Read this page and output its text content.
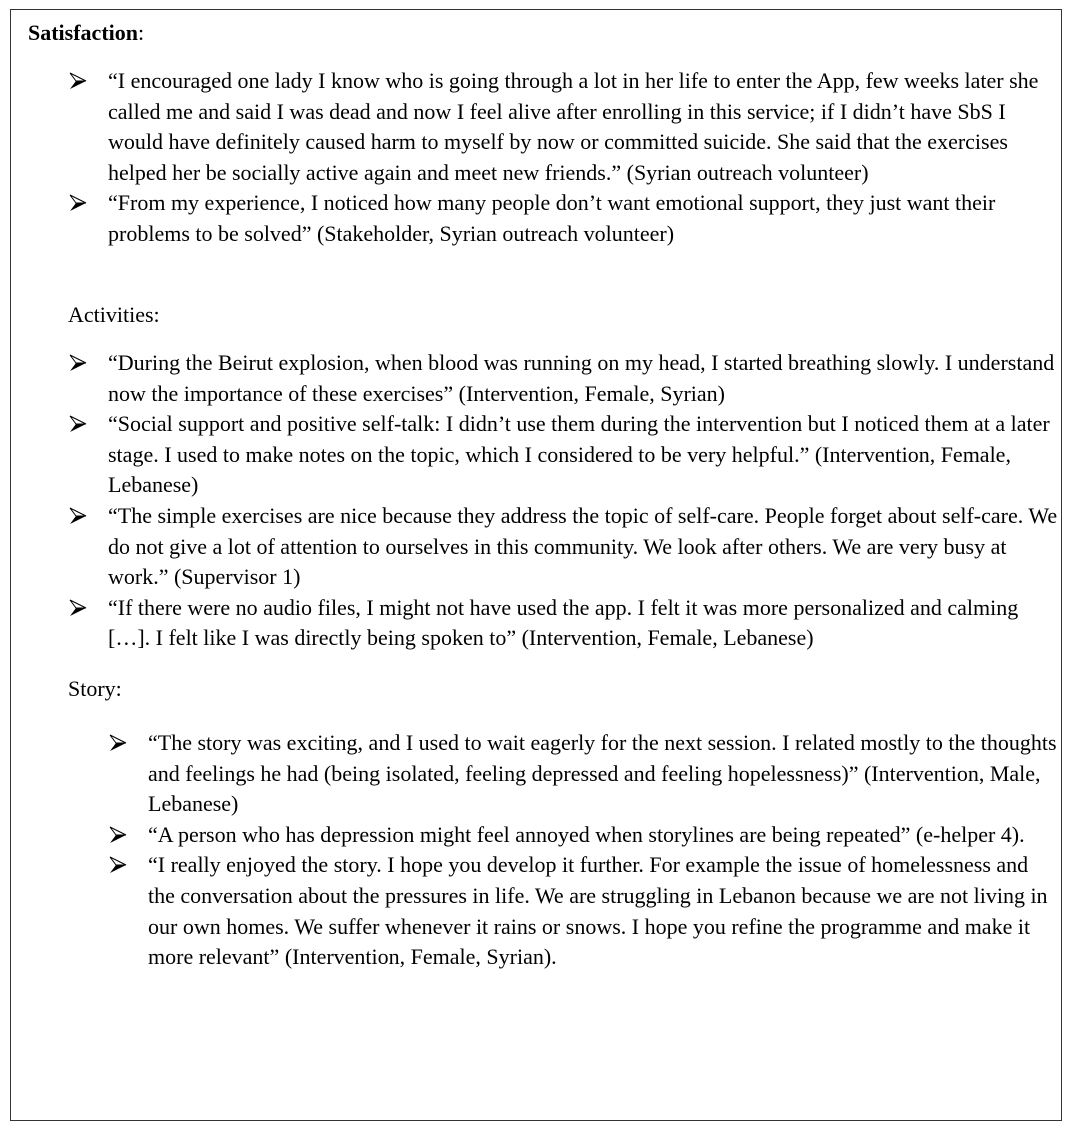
Satisfaction:
“I encouraged one lady I know who is going through a lot in her life to enter the App, few weeks later she called me and said I was dead and now I feel alive after enrolling in this service; if I didn’t have SbS I would have definitely caused harm to myself by now or committed suicide. She said that the exercises helped her be socially active again and meet new friends.” (Syrian outreach volunteer)
“From my experience, I noticed how many people don’t want emotional support, they just want their problems to be solved” (Stakeholder, Syrian outreach volunteer)
Activities:
“During the Beirut explosion, when blood was running on my head, I started breathing slowly. I understand now the importance of these exercises” (Intervention, Female, Syrian)
“Social support and positive self-talk: I didn’t use them during the intervention but I noticed them at a later stage. I used to make notes on the topic, which I considered to be very helpful.” (Intervention, Female, Lebanese)
“The simple exercises are nice because they address the topic of self-care. People forget about self-care. We do not give a lot of attention to ourselves in this community. We look after others. We are very busy at work.” (Supervisor 1)
“If there were no audio files, I might not have used the app. I felt it was more personalized and calming […]. I felt like I was directly being spoken to” (Intervention, Female, Lebanese)
Story:
“The story was exciting, and I used to wait eagerly for the next session. I related mostly to the thoughts and feelings he had (being isolated, feeling depressed and feeling hopelessness)” (Intervention, Male, Lebanese)
“A person who has depression might feel annoyed when storylines are being repeated” (e-helper 4).
“I really enjoyed the story. I hope you develop it further. For example the issue of homelessness and the conversation about the pressures in life. We are struggling in Lebanon because we are not living in our own homes. We suffer whenever it rains or snows. I hope you refine the programme and make it more relevant” (Intervention, Female, Syrian).
